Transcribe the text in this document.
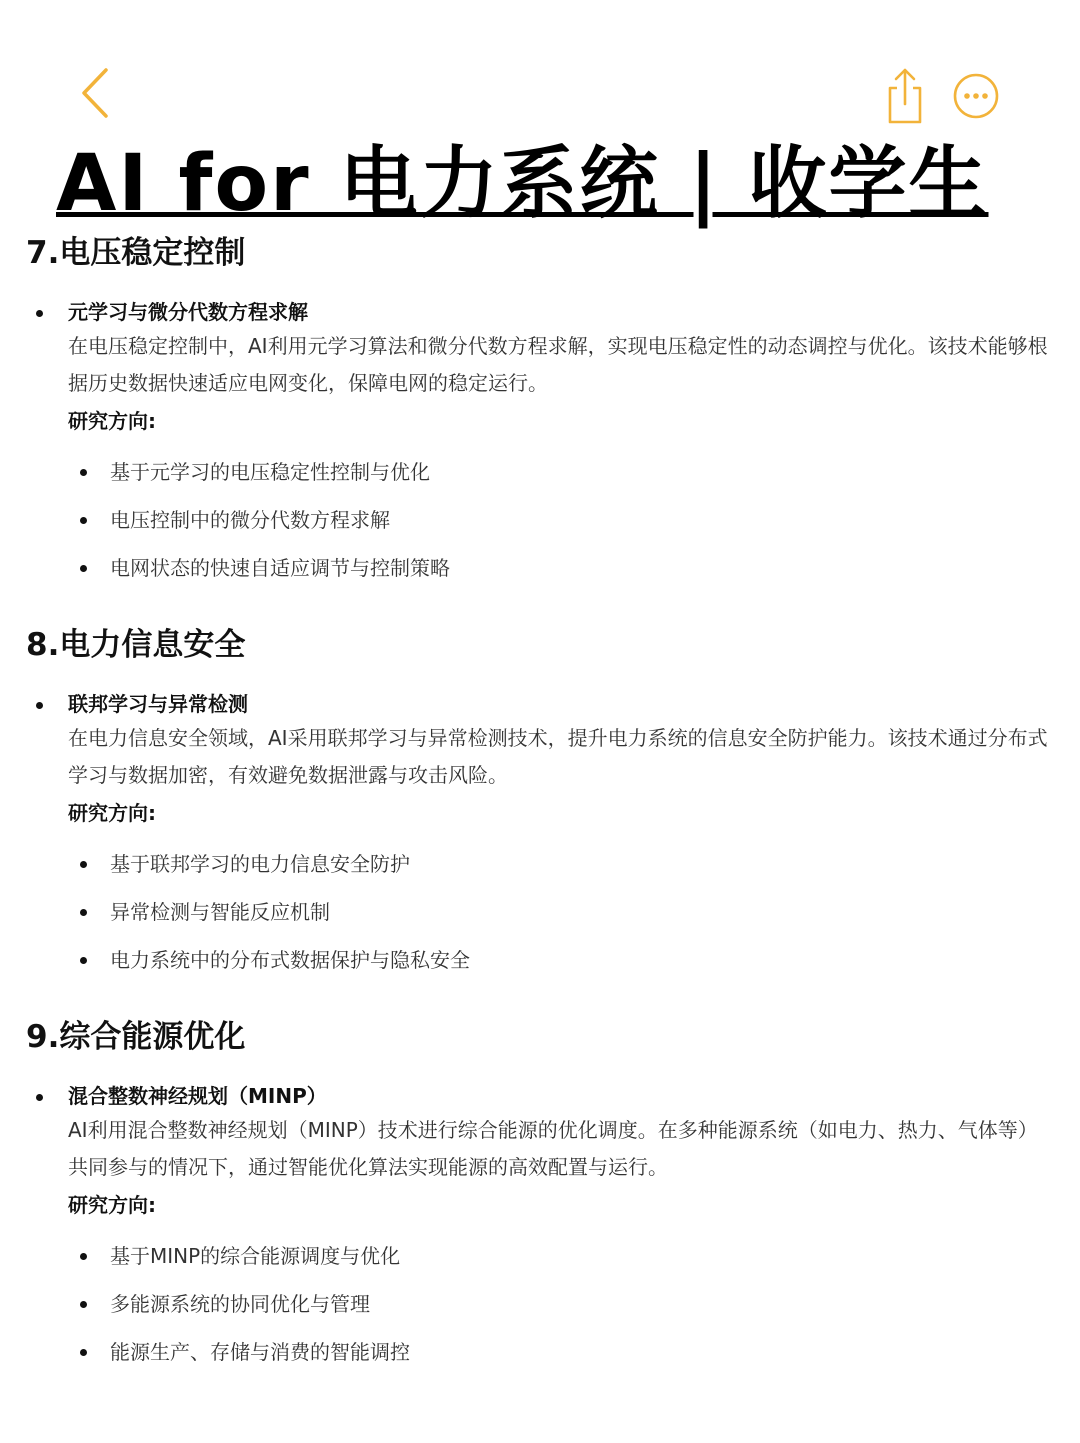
AI for 电力系统 | 收学生
7.电压稳定控制
元学习与微分代数方程求解
在电压稳定控制中，AI利用元学习算法和微分代数方程求解，实现电压稳定性的动态调控与优化。该技术能够根据历史数据快速适应电网变化，保障电网的稳定运行。
研究方向:
基于元学习的电压稳定性控制与优化
电压控制中的微分代数方程求解
电网状态的快速自适应调节与控制策略
8.电力信息安全
联邦学习与异常检测
在电力信息安全领域，AI采用联邦学习与异常检测技术，提升电力系统的信息安全防护能力。该技术通过分布式学习与数据加密，有效避免数据泄露与攻击风险。
研究方向:
基于联邦学习的电力信息安全防护
异常检测与智能反应机制
电力系统中的分布式数据保护与隐私安全
9.综合能源优化
混合整数神经规划（MINP）
AI利用混合整数神经规划（MINP）技术进行综合能源的优化调度。在多种能源系统（如电力、热力、气体等）共同参与的情况下，通过智能优化算法实现能源的高效配置与运行。
研究方向:
基于MINP的综合能源调度与优化
多能源系统的协同优化与管理
能源生产、存储与消费的智能调控
